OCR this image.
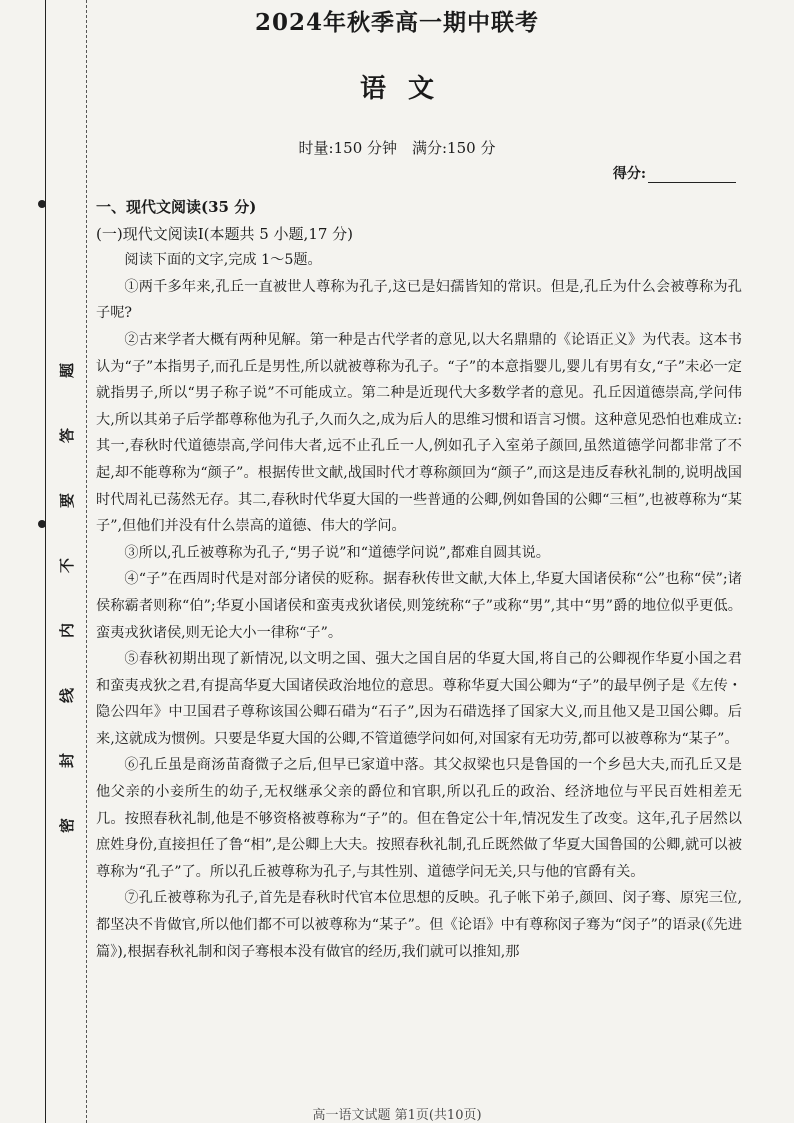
密
封
线
内
不
要
答
题
2024年秋季高一期中联考
语文
时量:150 分钟　满分:150 分
得分:
一、现代文阅读(35 分)
(一)现代文阅读Ⅰ(本题共 5 小题,17 分)

阅读下面的文字,完成 1～5题。

①两千多年来,孔丘一直被世人尊称为孔子,这已是妇孺皆知的常识。但是,孔丘为什么会被尊称为孔子呢?

②古来学者大概有两种见解。第一种是古代学者的意见,以大名鼎鼎的《论语正义》为代表。这本书认为“子”本指男子,而孔丘是男性,所以就被尊称为孔子。“子”的本意指婴儿,婴儿有男有女,“子”未必一定就指男子,所以“男子称子说”不可能成立。第二种是近现代大多数学者的意见。孔丘因道德崇高,学问伟大,所以其弟子后学都尊称他为孔子,久而久之,成为后人的思维习惯和语言习惯。这种意见恐怕也难成立:其一,春秋时代道德崇高,学问伟大者,远不止孔丘一人,例如孔子入室弟子颜回,虽然道德学问都非常了不起,却不能尊称为“颜子”。根据传世文献,战国时代才尊称颜回为“颜子”,而这是违反春秋礼制的,说明战国时代周礼已荡然无存。其二,春秋时代华夏大国的一些普通的公卿,例如鲁国的公卿“三桓”,也被尊称为“某子”,但他们并没有什么崇高的道德、伟大的学问。

③所以,孔丘被尊称为孔子,“男子说”和“道德学问说”,都难自圆其说。

④“子”在西周时代是对部分诸侯的贬称。据春秋传世文献,大体上,华夏大国诸侯称“公”也称“侯”;诸侯称霸者则称“伯”;华夏小国诸侯和蛮夷戎狄诸侯,则笼统称“子”或称“男”,其中“男”爵的地位似乎更低。蛮夷戎狄诸侯,则无论大小一律称“子”。

⑤春秋初期出现了新情况,以文明之国、强大之国自居的华夏大国,将自己的公卿视作华夏小国之君和蛮夷戎狄之君,有提高华夏大国诸侯政治地位的意思。尊称华夏大国公卿为“子”的最早例子是《左传・隐公四年》中卫国君子尊称该国公卿石碏为“石子”,因为石碏选择了国家大义,而且他又是卫国公卿。后来,这就成为惯例。只要是华夏大国的公卿,不管道德学问如何,对国家有无功劳,都可以被尊称为“某子”。

⑥孔丘虽是商汤苗裔微子之后,但早已家道中落。其父叔梁也只是鲁国的一个乡邑大夫,而孔丘又是他父亲的小妾所生的幼子,无权继承父亲的爵位和官职,所以孔丘的政治、经济地位与平民百姓相差无几。按照春秋礼制,他是不够资格被尊称为“子”的。但在鲁定公十年,情况发生了改变。这年,孔子居然以庶姓身份,直接担任了鲁“相”,是公卿上大夫。按照春秋礼制,孔丘既然做了华夏大国鲁国的公卿,就可以被尊称为“孔子”了。所以孔丘被尊称为孔子,与其性别、道德学问无关,只与他的官爵有关。

⑦孔丘被尊称为孔子,首先是春秋时代官本位思想的反映。孔子帐下弟子,颜回、闵子骞、原宪三位,都坚决不肯做官,所以他们都不可以被尊称为“某子”。但《论语》中有尊称闵子骞为“闵子”的语录(《先进篇》),根据春秋礼制和闵子骞根本没有做官的经历,我们就可以推知,那

高一语文试题 第1页(共10页)
